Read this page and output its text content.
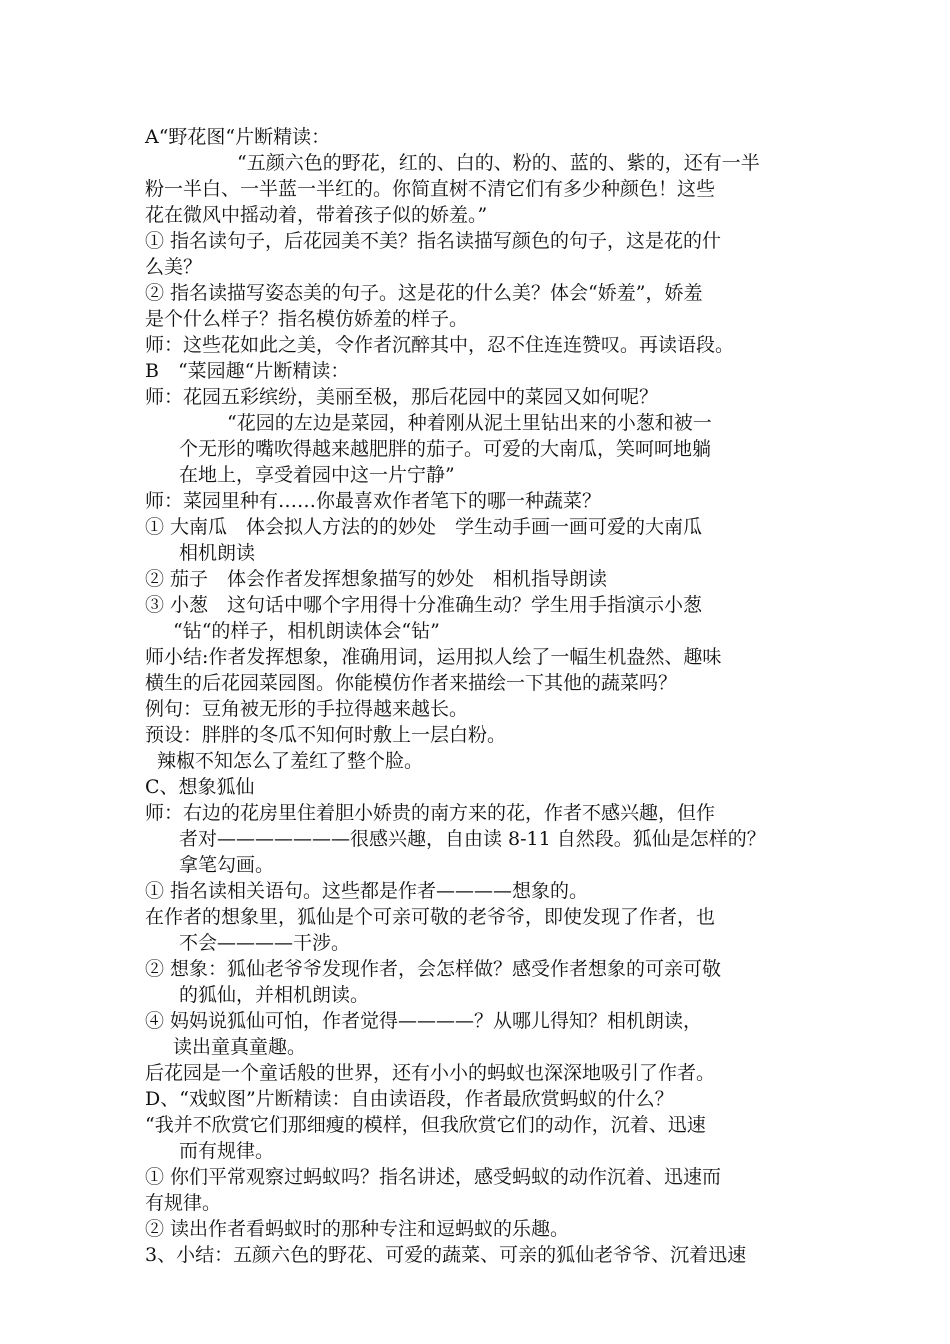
A“野花图“片断精读：
“五颜六色的野花，红的、白的、粉的、蓝的、紫的，还有一半
粉一半白、一半蓝一半红的。你简直树不清它们有多少种颜色！这些
花在微风中摇动着，带着孩子似的娇羞。”
① 指名读句子，后花园美不美？指名读描写颜色的句子，这是花的什
么美？
② 指名读描写姿态美的句子。这是花的什么美？体会“娇羞”，娇羞
是个什么样子？指名模仿娇羞的样子。
师：这些花如此之美，令作者沉醉其中，忍不住连连赞叹。再读语段。
B　“菜园趣“片断精读：
师：花园五彩缤纷，美丽至极，那后花园中的菜园又如何呢？
“花园的左边是菜园，种着刚从泥土里钻出来的小葱和被一
个无形的嘴吹得越来越肥胖的茄子。可爱的大南瓜，笑呵呵地躺
在地上，享受着园中这一片宁静”
师：菜园里种有……你最喜欢作者笔下的哪一种蔬菜？
① 大南瓜　体会拟人方法的的妙处　学生动手画一画可爱的大南瓜
相机朗读
② 茄子　体会作者发挥想象描写的妙处　相机指导朗读
③ 小葱　这句话中哪个字用得十分准确生动？学生用手指演示小葱
“钻“的样子，相机朗读体会“钻”
师小结:作者发挥想象，准确用词，运用拟人绘了一幅生机盎然、趣味
横生的后花园菜园图。你能模仿作者来描绘一下其他的蔬菜吗？
例句：豆角被无形的手拉得越来越长。
预设：胖胖的冬瓜不知何时敷上一层白粉。
辣椒不知怎么了羞红了整个脸。
C、想象狐仙
师：右边的花房里住着胆小娇贵的南方来的花，作者不感兴趣，但作
者对———————很感兴趣，自由读 8-11 自然段。狐仙是怎样的？
拿笔勾画。
① 指名读相关语句。这些都是作者————想象的。
在作者的想象里，狐仙是个可亲可敬的老爷爷，即使发现了作者，也
不会————干涉。
② 想象：狐仙老爷爷发现作者，会怎样做？感受作者想象的可亲可敬
的狐仙，并相机朗读。
④ 妈妈说狐仙可怕，作者觉得————？从哪儿得知？相机朗读，
读出童真童趣。
后花园是一个童话般的世界，还有小小的蚂蚁也深深地吸引了作者。
D、“戏蚁图”片断精读：自由读语段，作者最欣赏蚂蚁的什么？
“我并不欣赏它们那细瘦的模样，但我欣赏它们的动作，沉着、迅速
而有规律。
① 你们平常观察过蚂蚁吗？指名讲述，感受蚂蚁的动作沉着、迅速而
有规律。
② 读出作者看蚂蚁时的那种专注和逗蚂蚁的乐趣。
3、小结：五颜六色的野花、可爱的蔬菜、可亲的狐仙老爷爷、沉着迅速
